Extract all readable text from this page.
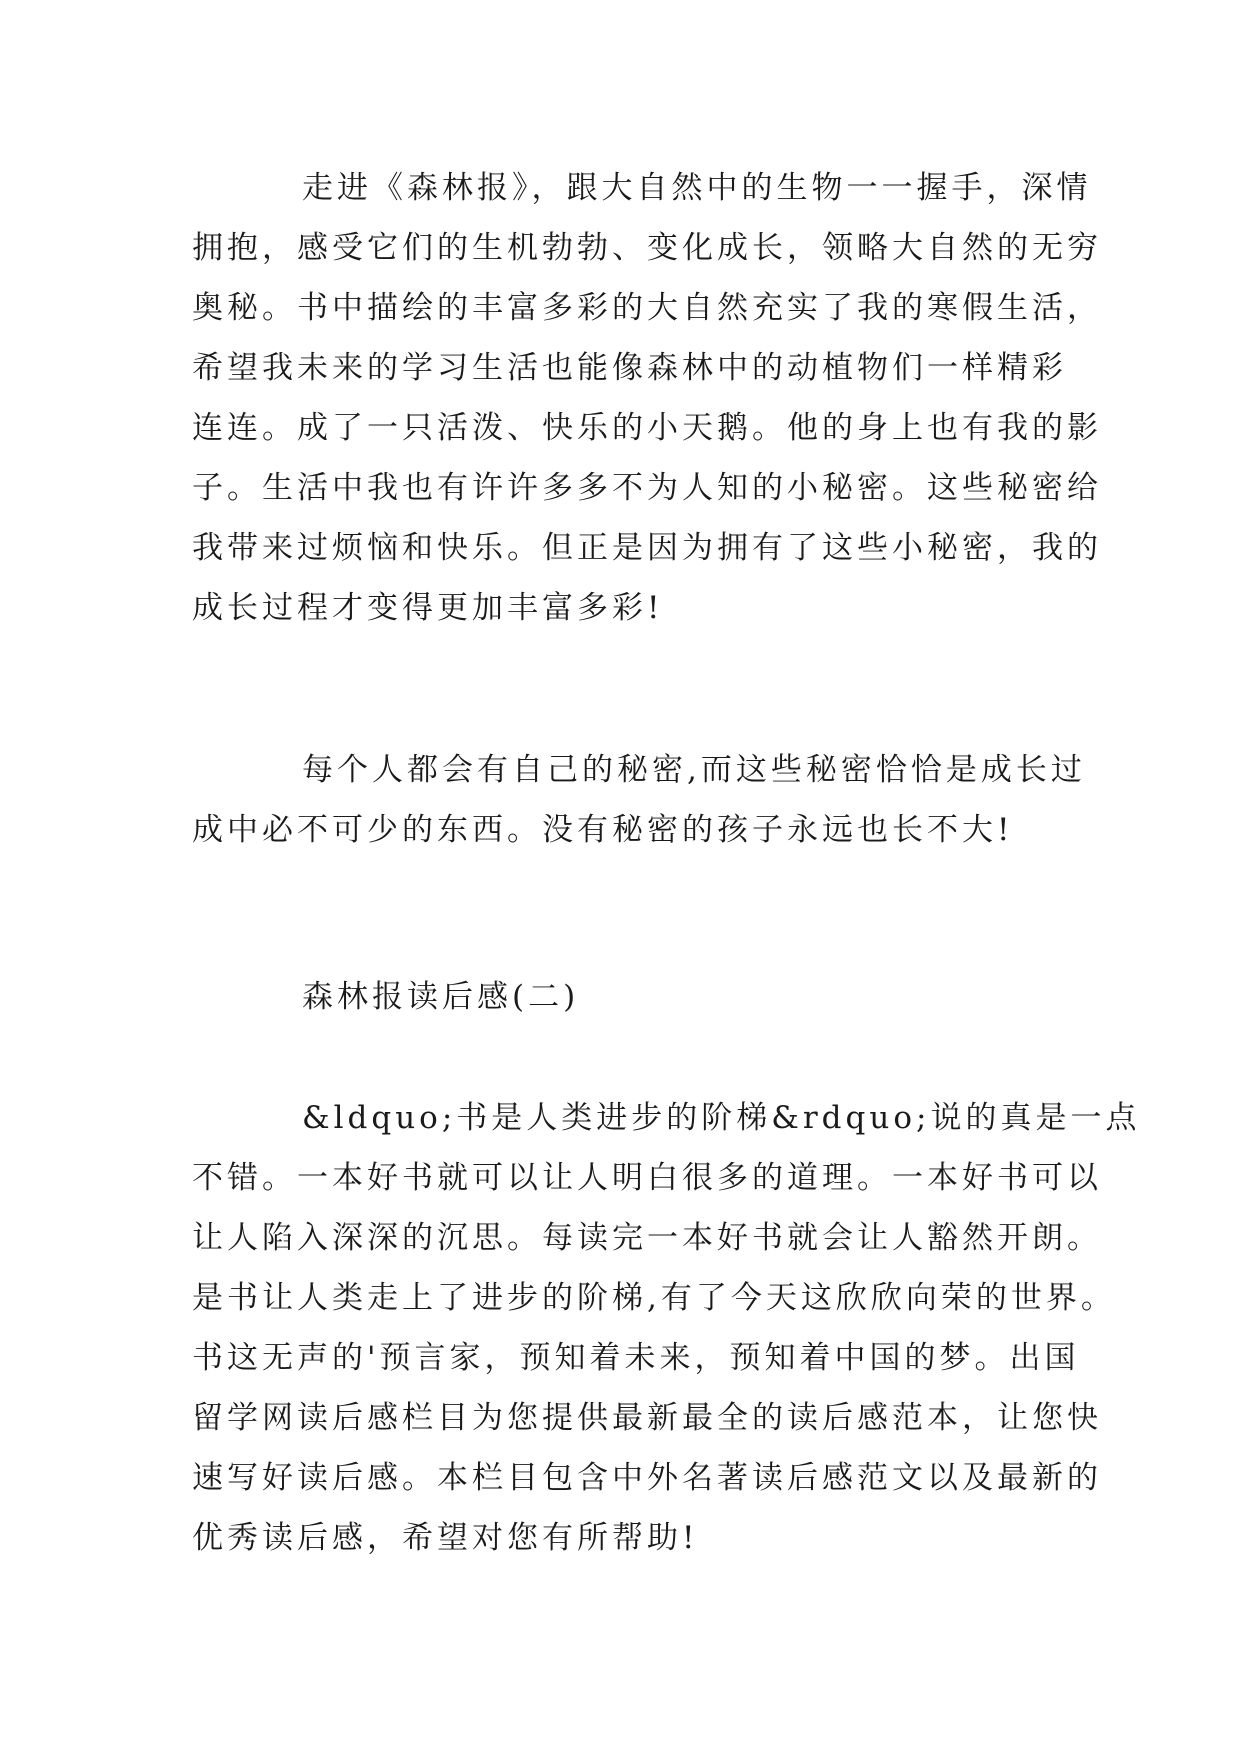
走进《森林报》，跟大自然中的生物一一握手，深情
拥抱，感受它们的生机勃勃、变化成长，领略大自然的无穷
奥秘。书中描绘的丰富多彩的大自然充实了我的寒假生活，
希望我未来的学习生活也能像森林中的动植物们一样精彩
连连。成了一只活泼、快乐的小天鹅。他的身上也有我的影
子。生活中我也有许许多多不为人知的小秘密。这些秘密给
我带来过烦恼和快乐。但正是因为拥有了这些小秘密，我的
成长过程才变得更加丰富多彩!
每个人都会有自己的秘密,而这些秘密恰恰是成长过
成中必不可少的东西。没有秘密的孩子永远也长不大!
森林报读后感(二)
&ldquo;书是人类进步的阶梯&rdquo;说的真是一点
不错。一本好书就可以让人明白很多的道理。一本好书可以
让人陷入深深的沉思。每读完一本好书就会让人豁然开朗。
是书让人类走上了进步的阶梯,有了今天这欣欣向荣的世界。
书这无声的'预言家，预知着未来，预知着中国的梦。出国
留学网读后感栏目为您提供最新最全的读后感范本，让您快
速写好读后感。本栏目包含中外名著读后感范文以及最新的
优秀读后感，希望对您有所帮助!
